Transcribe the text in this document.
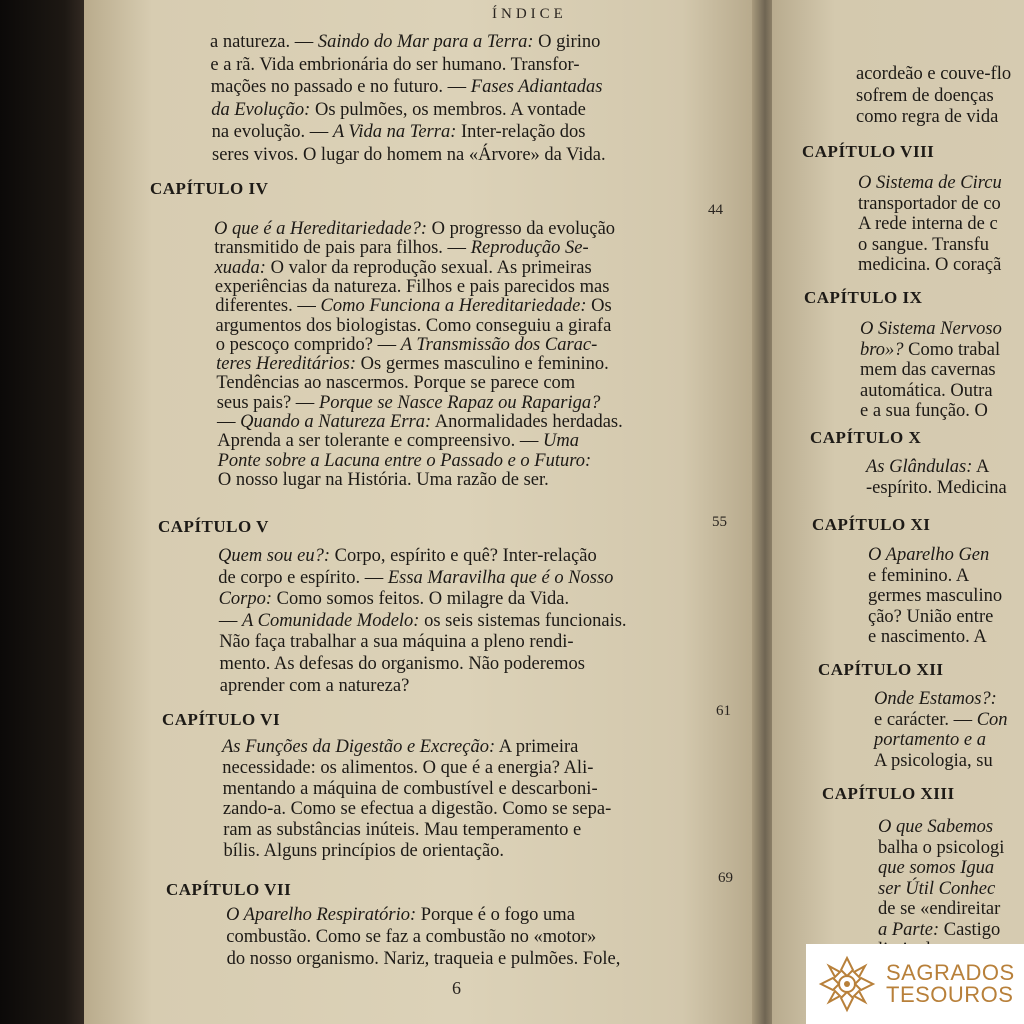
ÍNDICE
a natureza. — Saindo do Mar para a Terra: O girino
e a rã. Vida embrionária do ser humano. Transfor-
mações no passado e no futuro. — Fases Adiantadas
da Evolução: Os pulmões, os membros. A vontade
na evolução. — A Vida na Terra: Inter-relação dos
seres vivos. O lugar do homem na «Árvore» da Vida.
CAPÍTULO IV
44
O que é a Hereditariedade?: O progresso da evolução
transmitido de pais para filhos. — Reprodução Se-
xuada: O valor da reprodução sexual. As primeiras
experiências da natureza. Filhos e pais parecidos mas
diferentes. — Como Funciona a Hereditariedade: Os
argumentos dos biologistas. Como conseguiu a girafa
o pescoço comprido? — A Transmissão dos Carac-
teres Hereditários: Os germes masculino e feminino.
Tendências ao nascermos. Porque se parece com
seus pais? — Porque se Nasce Rapaz ou Rapariga?
— Quando a Natureza Erra: Anormalidades herdadas.
Aprenda a ser tolerante e compreensivo. — Uma
Ponte sobre a Lacuna entre o Passado e o Futuro:
O nosso lugar na História. Uma razão de ser.
CAPÍTULO V	55
Quem sou eu?: Corpo, espírito e quê? Inter-relação
de corpo e espírito. — Essa Maravilha que é o Nosso
Corpo: Como somos feitos. O milagre da Vida.
— A Comunidade Modelo: os seis sistemas funcionais.
Não faça trabalhar a sua máquina a pleno rendi-
mento. As defesas do organismo. Não poderemos
aprender com a natureza?
CAPÍTULO VI	61
As Funções da Digestão e Excreção: A primeira
necessidade: os alimentos. O que é a energia? Ali-
mentando a máquina de combustível e descarboni-
zando-a. Como se efectua a digestão. Como se sepa-
ram as substâncias inúteis. Mau temperamento e
bílis. Alguns princípios de orientação.
CAPÍTULO VII
69
O Aparelho Respiratório: Porque é o fogo uma
combustão. Como se faz a combustão no «motor»
do nosso organismo. Nariz, traqueia e pulmões. Fole,
6
acordeão e couve-flo
sofrem de doenças
como regra de vida
CAPÍTULO VIII
O Sistema de Circu
transportador de co
A rede interna de c
o sangue. Transfu
medicina. O coraçã
CAPÍTULO IX
O Sistema Nervoso
bro»? Como trabal
mem das cavernas
automática. Outra
e a sua função. O
CAPÍTULO X
As Glândulas: A
-espírito. Medicina
CAPÍTULO XI
O Aparelho Gen
e feminino. A
germes masculino
ção? União entre
e nascimento. A
CAPÍTULO XII
Onde Estamos?:
e carácter. — Con
portamento e a
A psicologia, su
CAPÍTULO XIII
O que Sabemos
balha o psicologi
que somos Igua
ser Útil Conhec
de se «endireitar
a Parte: Castigo
SAGRADOS
TESOUROS
